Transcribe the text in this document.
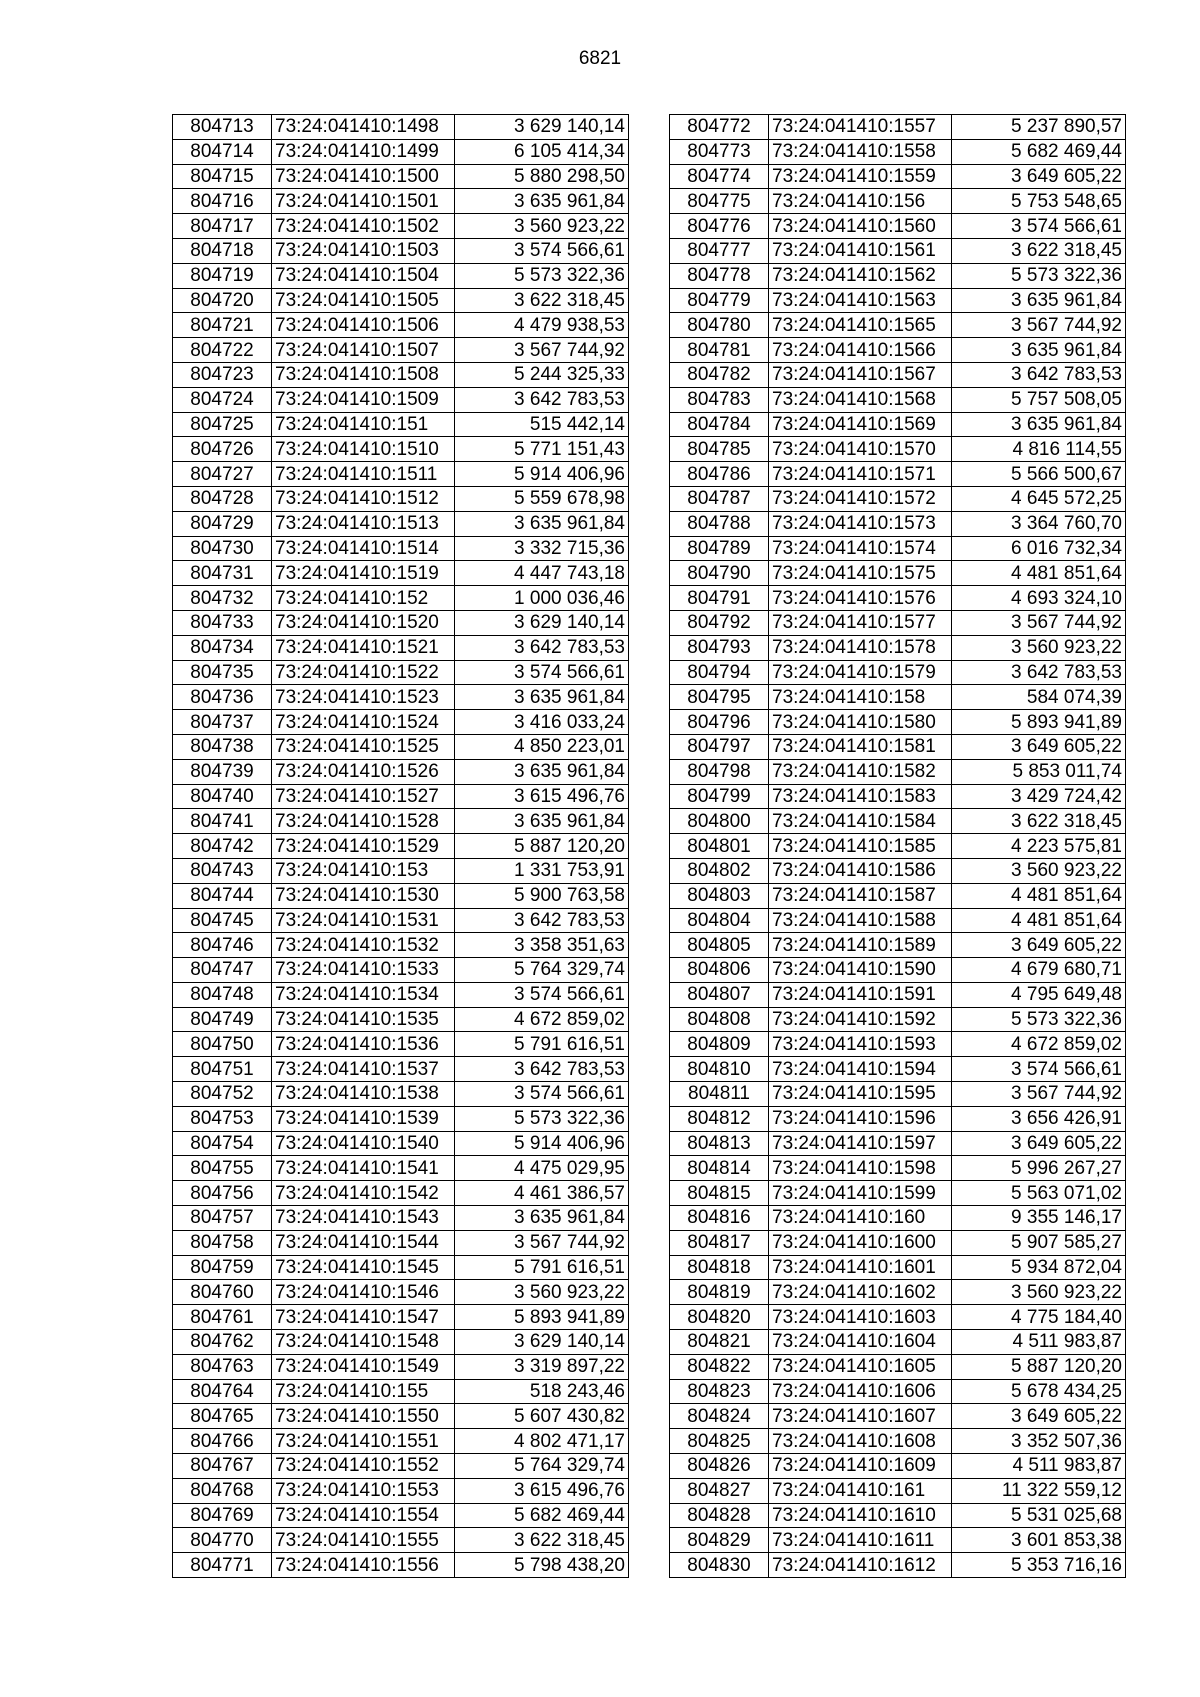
6821
804713	73:24:041410:1498	3 629 140,14
804714	73:24:041410:1499	6 105 414,34
804715	73:24:041410:1500	5 880 298,50
804716	73:24:041410:1501	3 635 961,84
804717	73:24:041410:1502	3 560 923,22
804718	73:24:041410:1503	3 574 566,61
804719	73:24:041410:1504	5 573 322,36
804720	73:24:041410:1505	3 622 318,45
804721	73:24:041410:1506	4 479 938,53
804722	73:24:041410:1507	3 567 744,92
804723	73:24:041410:1508	5 244 325,33
804724	73:24:041410:1509	3 642 783,53
804725	73:24:041410:151	515 442,14
804726	73:24:041410:1510	5 771 151,43
804727	73:24:041410:1511	5 914 406,96
804728	73:24:041410:1512	5 559 678,98
804729	73:24:041410:1513	3 635 961,84
804730	73:24:041410:1514	3 332 715,36
804731	73:24:041410:1519	4 447 743,18
804732	73:24:041410:152	1 000 036,46
804733	73:24:041410:1520	3 629 140,14
804734	73:24:041410:1521	3 642 783,53
804735	73:24:041410:1522	3 574 566,61
804736	73:24:041410:1523	3 635 961,84
804737	73:24:041410:1524	3 416 033,24
804738	73:24:041410:1525	4 850 223,01
804739	73:24:041410:1526	3 635 961,84
804740	73:24:041410:1527	3 615 496,76
804741	73:24:041410:1528	3 635 961,84
804742	73:24:041410:1529	5 887 120,20
804743	73:24:041410:153	1 331 753,91
804744	73:24:041410:1530	5 900 763,58
804745	73:24:041410:1531	3 642 783,53
804746	73:24:041410:1532	3 358 351,63
804747	73:24:041410:1533	5 764 329,74
804748	73:24:041410:1534	3 574 566,61
804749	73:24:041410:1535	4 672 859,02
804750	73:24:041410:1536	5 791 616,51
804751	73:24:041410:1537	3 642 783,53
804752	73:24:041410:1538	3 574 566,61
804753	73:24:041410:1539	5 573 322,36
804754	73:24:041410:1540	5 914 406,96
804755	73:24:041410:1541	4 475 029,95
804756	73:24:041410:1542	4 461 386,57
804757	73:24:041410:1543	3 635 961,84
804758	73:24:041410:1544	3 567 744,92
804759	73:24:041410:1545	5 791 616,51
804760	73:24:041410:1546	3 560 923,22
804761	73:24:041410:1547	5 893 941,89
804762	73:24:041410:1548	3 629 140,14
804763	73:24:041410:1549	3 319 897,22
804764	73:24:041410:155	518 243,46
804765	73:24:041410:1550	5 607 430,82
804766	73:24:041410:1551	4 802 471,17
804767	73:24:041410:1552	5 764 329,74
804768	73:24:041410:1553	3 615 496,76
804769	73:24:041410:1554	5 682 469,44
804770	73:24:041410:1555	3 622 318,45
804771	73:24:041410:1556	5 798 438,20
804772	73:24:041410:1557	5 237 890,57
804773	73:24:041410:1558	5 682 469,44
804774	73:24:041410:1559	3 649 605,22
804775	73:24:041410:156	5 753 548,65
804776	73:24:041410:1560	3 574 566,61
804777	73:24:041410:1561	3 622 318,45
804778	73:24:041410:1562	5 573 322,36
804779	73:24:041410:1563	3 635 961,84
804780	73:24:041410:1565	3 567 744,92
804781	73:24:041410:1566	3 635 961,84
804782	73:24:041410:1567	3 642 783,53
804783	73:24:041410:1568	5 757 508,05
804784	73:24:041410:1569	3 635 961,84
804785	73:24:041410:1570	4 816 114,55
804786	73:24:041410:1571	5 566 500,67
804787	73:24:041410:1572	4 645 572,25
804788	73:24:041410:1573	3 364 760,70
804789	73:24:041410:1574	6 016 732,34
804790	73:24:041410:1575	4 481 851,64
804791	73:24:041410:1576	4 693 324,10
804792	73:24:041410:1577	3 567 744,92
804793	73:24:041410:1578	3 560 923,22
804794	73:24:041410:1579	3 642 783,53
804795	73:24:041410:158	584 074,39
804796	73:24:041410:1580	5 893 941,89
804797	73:24:041410:1581	3 649 605,22
804798	73:24:041410:1582	5 853 011,74
804799	73:24:041410:1583	3 429 724,42
804800	73:24:041410:1584	3 622 318,45
804801	73:24:041410:1585	4 223 575,81
804802	73:24:041410:1586	3 560 923,22
804803	73:24:041410:1587	4 481 851,64
804804	73:24:041410:1588	4 481 851,64
804805	73:24:041410:1589	3 649 605,22
804806	73:24:041410:1590	4 679 680,71
804807	73:24:041410:1591	4 795 649,48
804808	73:24:041410:1592	5 573 322,36
804809	73:24:041410:1593	4 672 859,02
804810	73:24:041410:1594	3 574 566,61
804811	73:24:041410:1595	3 567 744,92
804812	73:24:041410:1596	3 656 426,91
804813	73:24:041410:1597	3 649 605,22
804814	73:24:041410:1598	5 996 267,27
804815	73:24:041410:1599	5 563 071,02
804816	73:24:041410:160	9 355 146,17
804817	73:24:041410:1600	5 907 585,27
804818	73:24:041410:1601	5 934 872,04
804819	73:24:041410:1602	3 560 923,22
804820	73:24:041410:1603	4 775 184,40
804821	73:24:041410:1604	4 511 983,87
804822	73:24:041410:1605	5 887 120,20
804823	73:24:041410:1606	5 678 434,25
804824	73:24:041410:1607	3 649 605,22
804825	73:24:041410:1608	3 352 507,36
804826	73:24:041410:1609	4 511 983,87
804827	73:24:041410:161	11 322 559,12
804828	73:24:041410:1610	5 531 025,68
804829	73:24:041410:1611	3 601 853,38
804830	73:24:041410:1612	5 353 716,16
